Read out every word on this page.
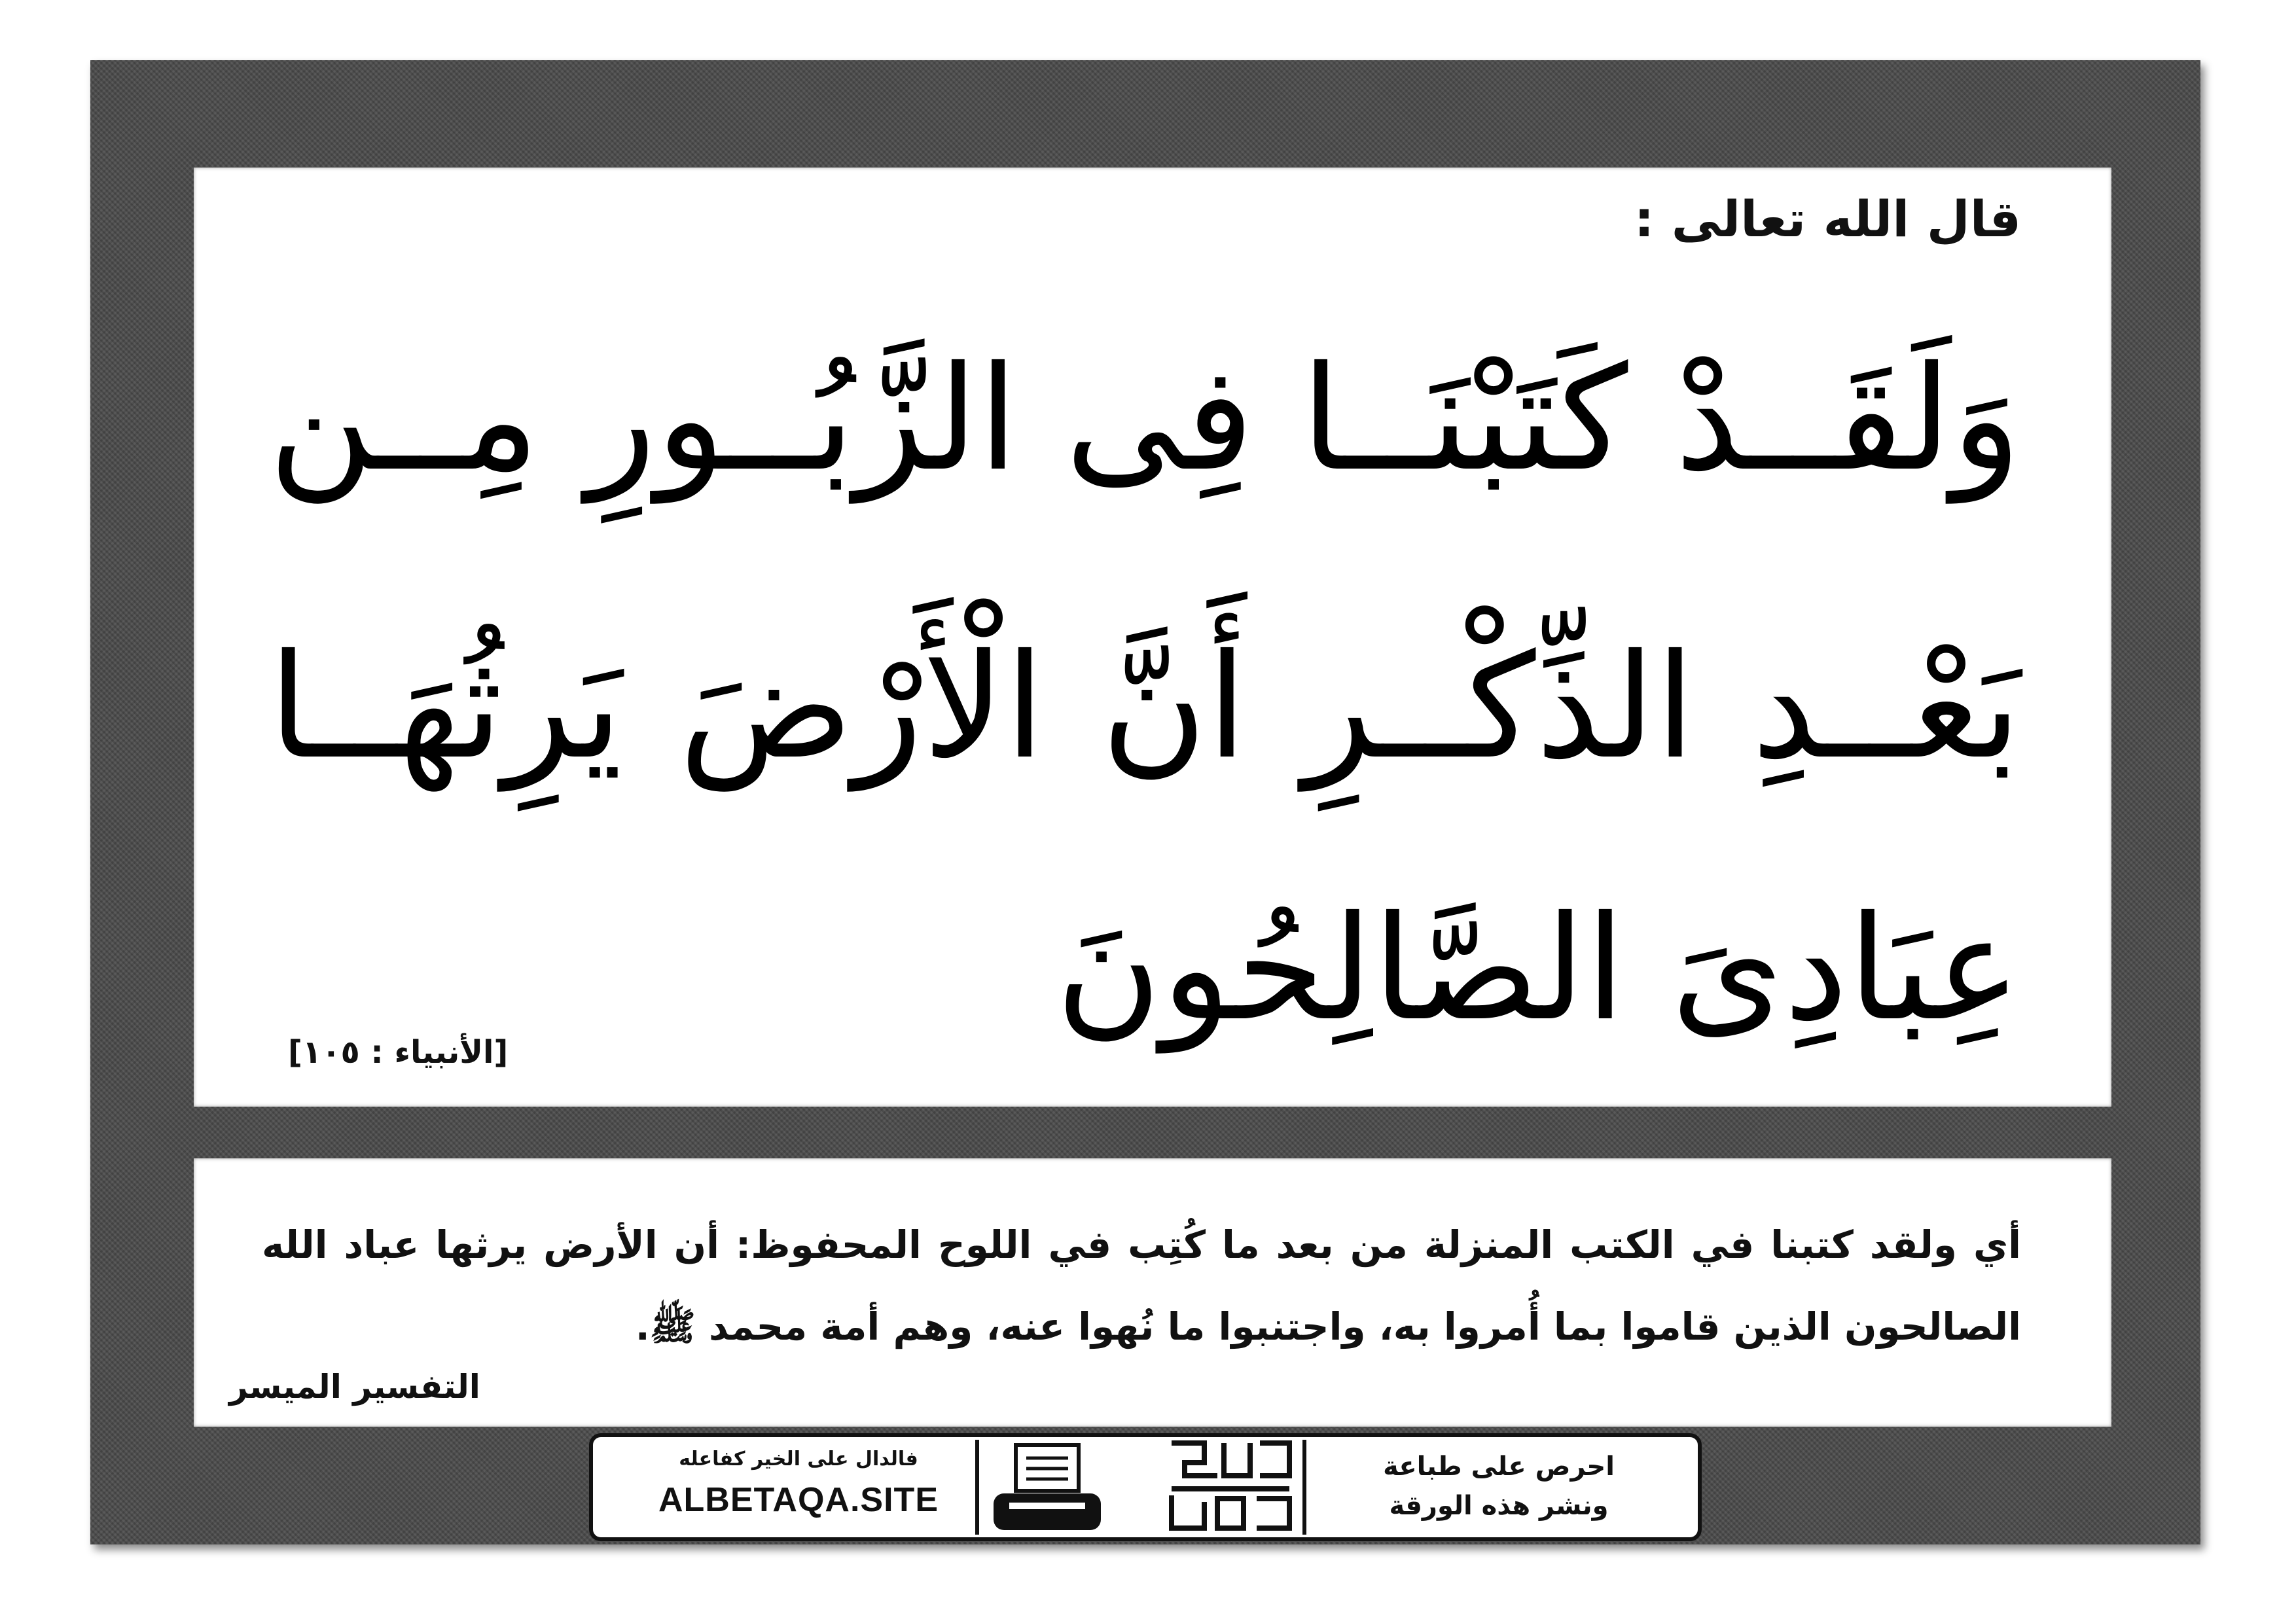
قال الله تعالى :
وَلَقَــدْ
كَتَبْنَــا
فِى
الزَّبُــورِ
مِــن
بَعْــدِ
الذِّكْــرِ
أَنَّ
الْأَرْضَ
يَرِثُهَــا
عِبَادِىَ الصَّالِحُونَ
[الأنبياء : ١٠٥]
أي ولقد كتبنا في الكتب المنزلة من بعد ما كُتِب في اللوح المحفوظ: أن الأرض يرثها عباد الله الصالحون الذين قاموا بما أُمروا به، واجتنبوا ما نُهوا عنه، وهم أمة محمد ﷺ.
التفسير الميسر
فالدال على الخير كفاعله
ALBETAQA.SITE
احرص على طباعة
ونشر هذه الورقة
